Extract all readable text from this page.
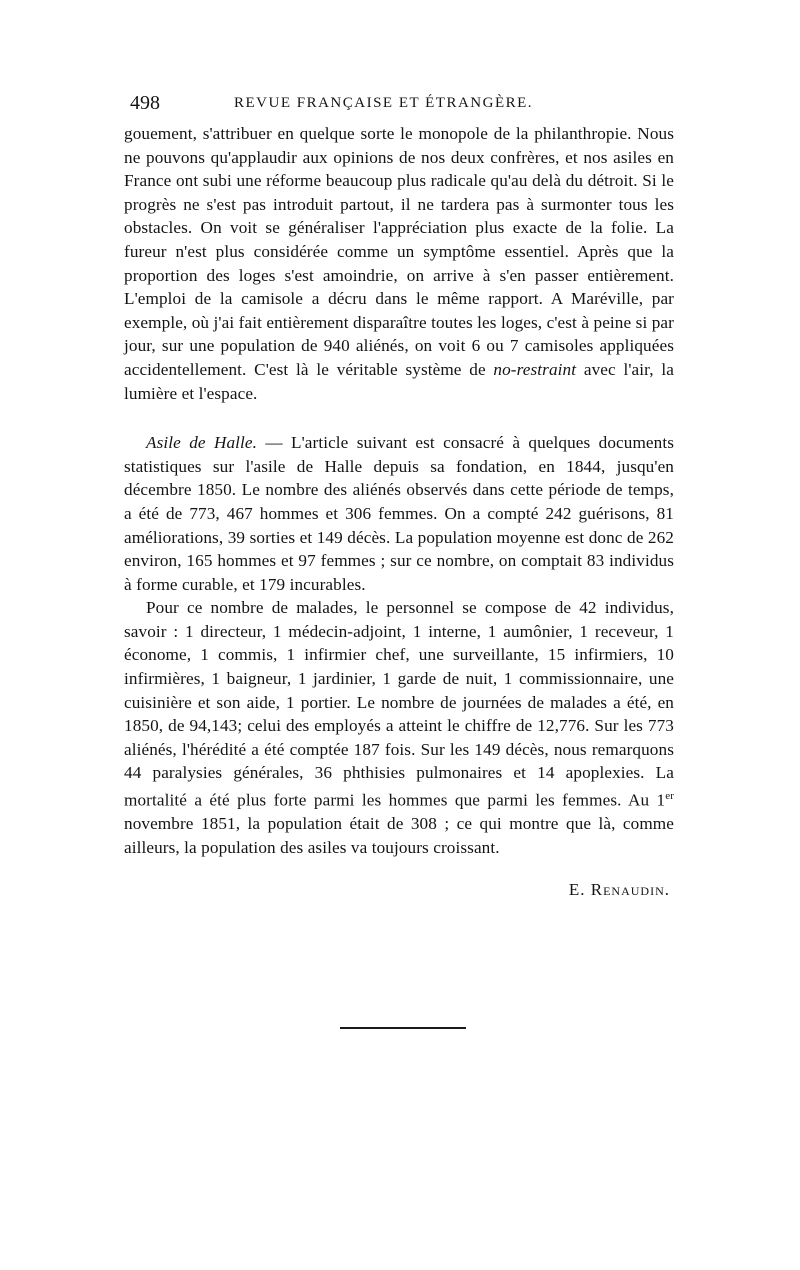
498	REVUE FRANÇAISE ET ÉTRANGÈRE.

gouement, s'attribuer en quelque sorte le monopole de la philanthropie. Nous ne pouvons qu'applaudir aux opinions de nos deux confrères, et nos asiles en France ont subi une réforme beaucoup plus radicale qu'au delà du détroit. Si le progrès ne s'est pas introduit partout, il ne tardera pas à surmonter tous les obstacles. On voit se généraliser l'appréciation plus exacte de la folie. La fureur n'est plus considérée comme un symptôme essentiel. Après que la proportion des loges s'est amoindrie, on arrive à s'en passer entièrement. L'emploi de la camisole a décru dans le même rapport. A Maréville, par exemple, où j'ai fait entièrement disparaître toutes les loges, c'est à peine si par jour, sur une population de 940 aliénés, on voit 6 ou 7 camisoles appliquées accidentellement. C'est là le véritable système de no-restraint avec l'air, la lumière et l'espace.

Asile de Halle. — L'article suivant est consacré à quelques documents statistiques sur l'asile de Halle depuis sa fondation, en 1844, jusqu'en décembre 1850. Le nombre des aliénés observés dans cette période de temps, a été de 773, 467 hommes et 306 femmes. On a compté 242 guérisons, 81 améliorations, 39 sorties et 149 décès. La population moyenne est donc de 262 environ, 165 hommes et 97 femmes ; sur ce nombre, on comptait 83 individus à forme curable, et 179 incurables.

Pour ce nombre de malades, le personnel se compose de 42 individus, savoir : 1 directeur, 1 médecin-adjoint, 1 interne, 1 aumônier, 1 receveur, 1 économe, 1 commis, 1 infirmier chef, une surveillante, 15 infirmiers, 10 infirmières, 1 baigneur, 1 jardinier, 1 garde de nuit, 1 commissionnaire, une cuisinière et son aide, 1 portier. Le nombre de journées de malades a été, en 1850, de 94,143; celui des employés a atteint le chiffre de 12,776. Sur les 773 aliénés, l'hérédité a été comptée 187 fois. Sur les 149 décès, nous remarquons 44 paralysies générales, 36 phthisies pulmonaires et 14 apoplexies. La mortalité a été plus forte parmi les hommes que parmi les femmes. Au 1er novembre 1851, la population était de 308 ; ce qui montre que là, comme ailleurs, la population des asiles va toujours croissant.

E. Renaudin.
